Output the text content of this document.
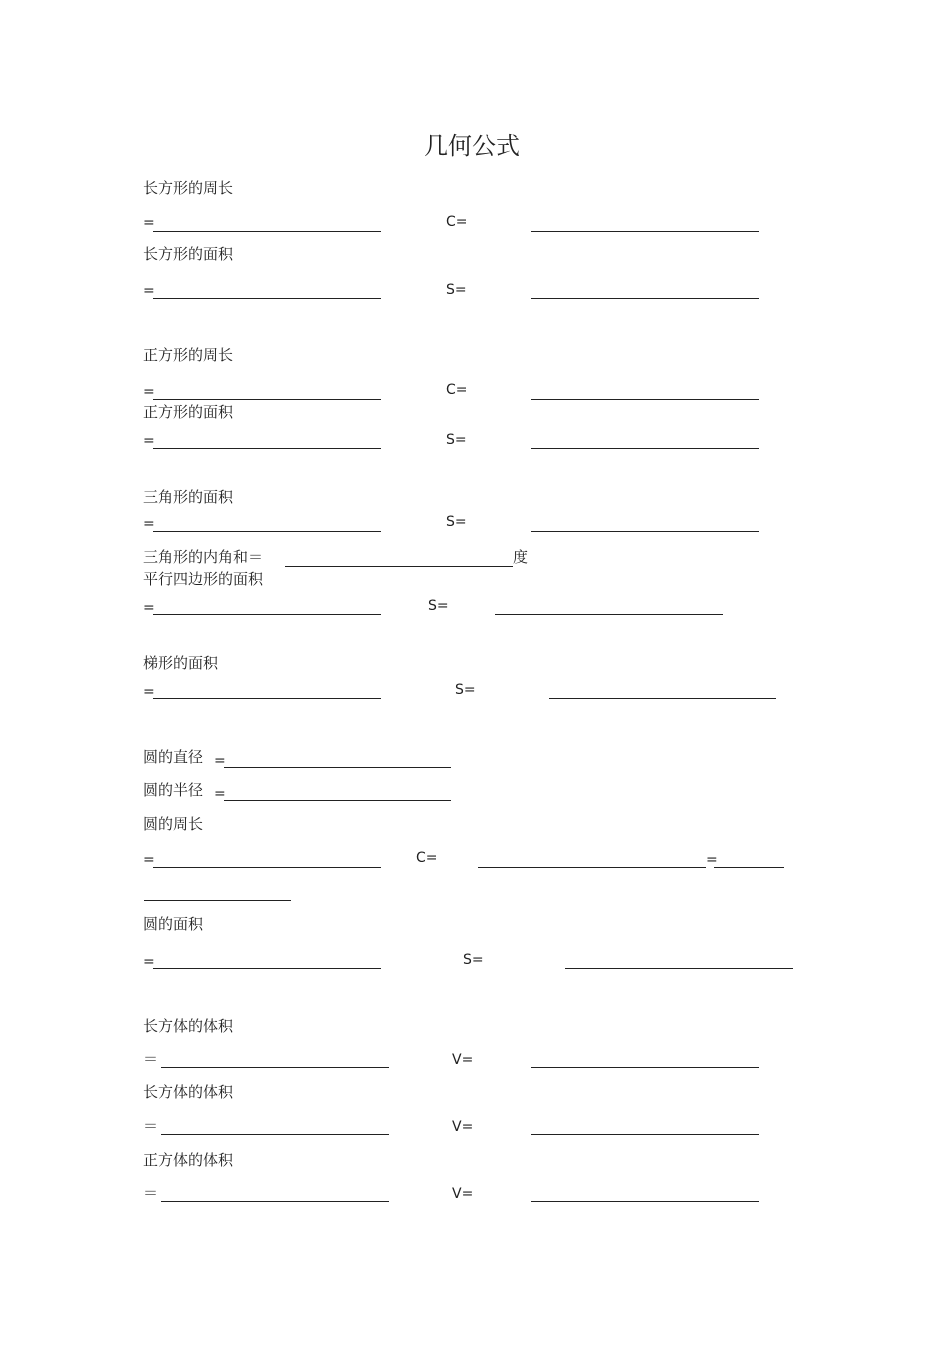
几何公式
长方形的周长
=	C=
长方形的面积
=	S=
正方形的周长
=	C=
正方形的面积
=	S=
三角形的面积
=	S=
三角形的内角和＝	度
平行四边形的面积
=	S=
梯形的面积
=	S=
圆的直径 =
圆的半径 =
圆的周长
=	C=	=
圆的面积
=	S=
长方体的体积
＝	V=
长方体的体积
＝	V=
正方体的体积
＝	V=
